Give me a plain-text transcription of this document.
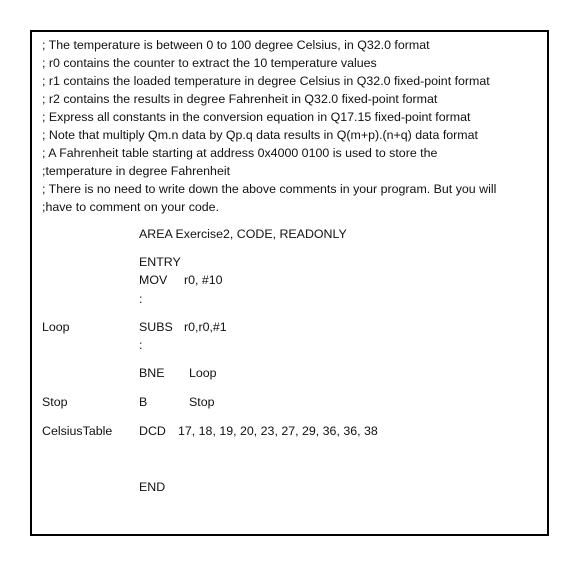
; The temperature is between 0 to 100 degree Celsius, in Q32.0 format
; r0 contains the counter to extract the 10 temperature values
; r1 contains the loaded temperature in degree Celsius in Q32.0 fixed-point format
; r2 contains the results in degree Fahrenheit in Q32.0 fixed-point format
; Express all constants in the conversion equation in Q17.15 fixed-point format
; Note that multiply Qm.n data by Qp.q data results in Q(m+p).(n+q) data format
; A Fahrenheit table starting at address 0x4000 0100 is used to store the
;temperature in degree Fahrenheit
; There is no need to write down the above comments in your program. But you will
;have to comment on your code.
AREA Exercise2, CODE, READONLY
ENTRY
MOV r0, #10
:
Loop	SUBS r0,r0,#1
:
BNE Loop
Stop	B	Stop
CelsiusTable DCD 17, 18, 19, 20, 23, 27, 29, 36, 36, 38
END
